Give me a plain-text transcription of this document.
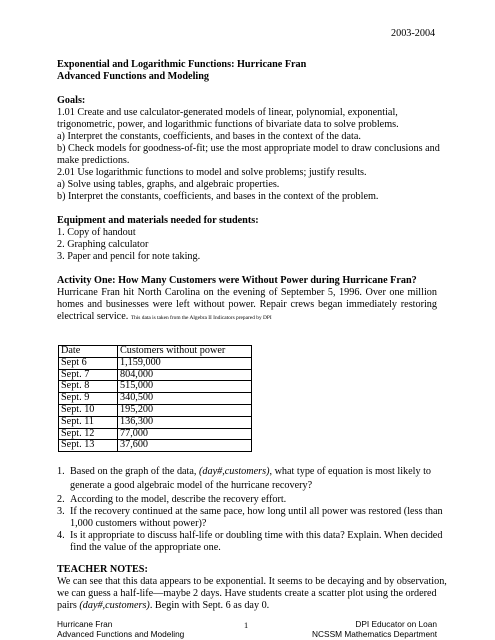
2003-2004
Exponential and Logarithmic Functions: Hurricane Fran
Advanced Functions and Modeling
Goals:
1.01 Create and use calculator-generated models of linear, polynomial, exponential,
trigonometric, power, and logarithmic functions of bivariate data to solve problems.
a) Interpret the constants, coefficients, and bases in the context of the data.
b) Check models for goodness-of-fit; use the most appropriate model to draw conclusions and
make predictions.
2.01 Use logarithmic functions to model and solve problems; justify results.
a) Solve using tables, graphs, and algebraic properties.
b) Interpret the constants, coefficients, and bases in the context of the problem.
Equipment and materials needed for students:
1. Copy of handout
2. Graphing calculator
3. Paper and pencil for note taking.
Activity One: How Many Customers were Without Power during Hurricane Fran?
Hurricane Fran hit North Carolina on the evening of September 5, 1996. Over one million
homes and businesses were left without power. Repair crews began immediately restoring
electrical service. This data is taken from the Algebra II Indicators prepared by DPI
Date	Customers without power
Sept 6	1,159,000
Sept. 7	804,000
Sept. 8	515,000
Sept. 9	340,500
Sept. 10	195,200
Sept. 11	136,300
Sept. 12	77,000
Sept. 13	37,600
1. Based on the graph of the data, (day#,customers), what type of equation is most likely to
generate a good algebraic model of the hurricane recovery?
2. According to the model, describe the recovery effort.
3. If the recovery continued at the same pace, how long until all power was restored (less than
1,000 customers without power)?
4. Is it appropriate to discuss half-life or doubling time with this data? Explain. When decided
find the value of the appropriate one.
TEACHER NOTES:
We can see that this data appears to be exponential. It seems to be decaying and by observation,
we can guess a half-life—maybe 2 days. Have students create a scatter plot using the ordered
pairs (day#,customers). Begin with Sept. 6 as day 0.
Hurricane Fran
Advanced Functions and Modeling
1	DPI Educator on Loan
NCSSM Mathematics Department
